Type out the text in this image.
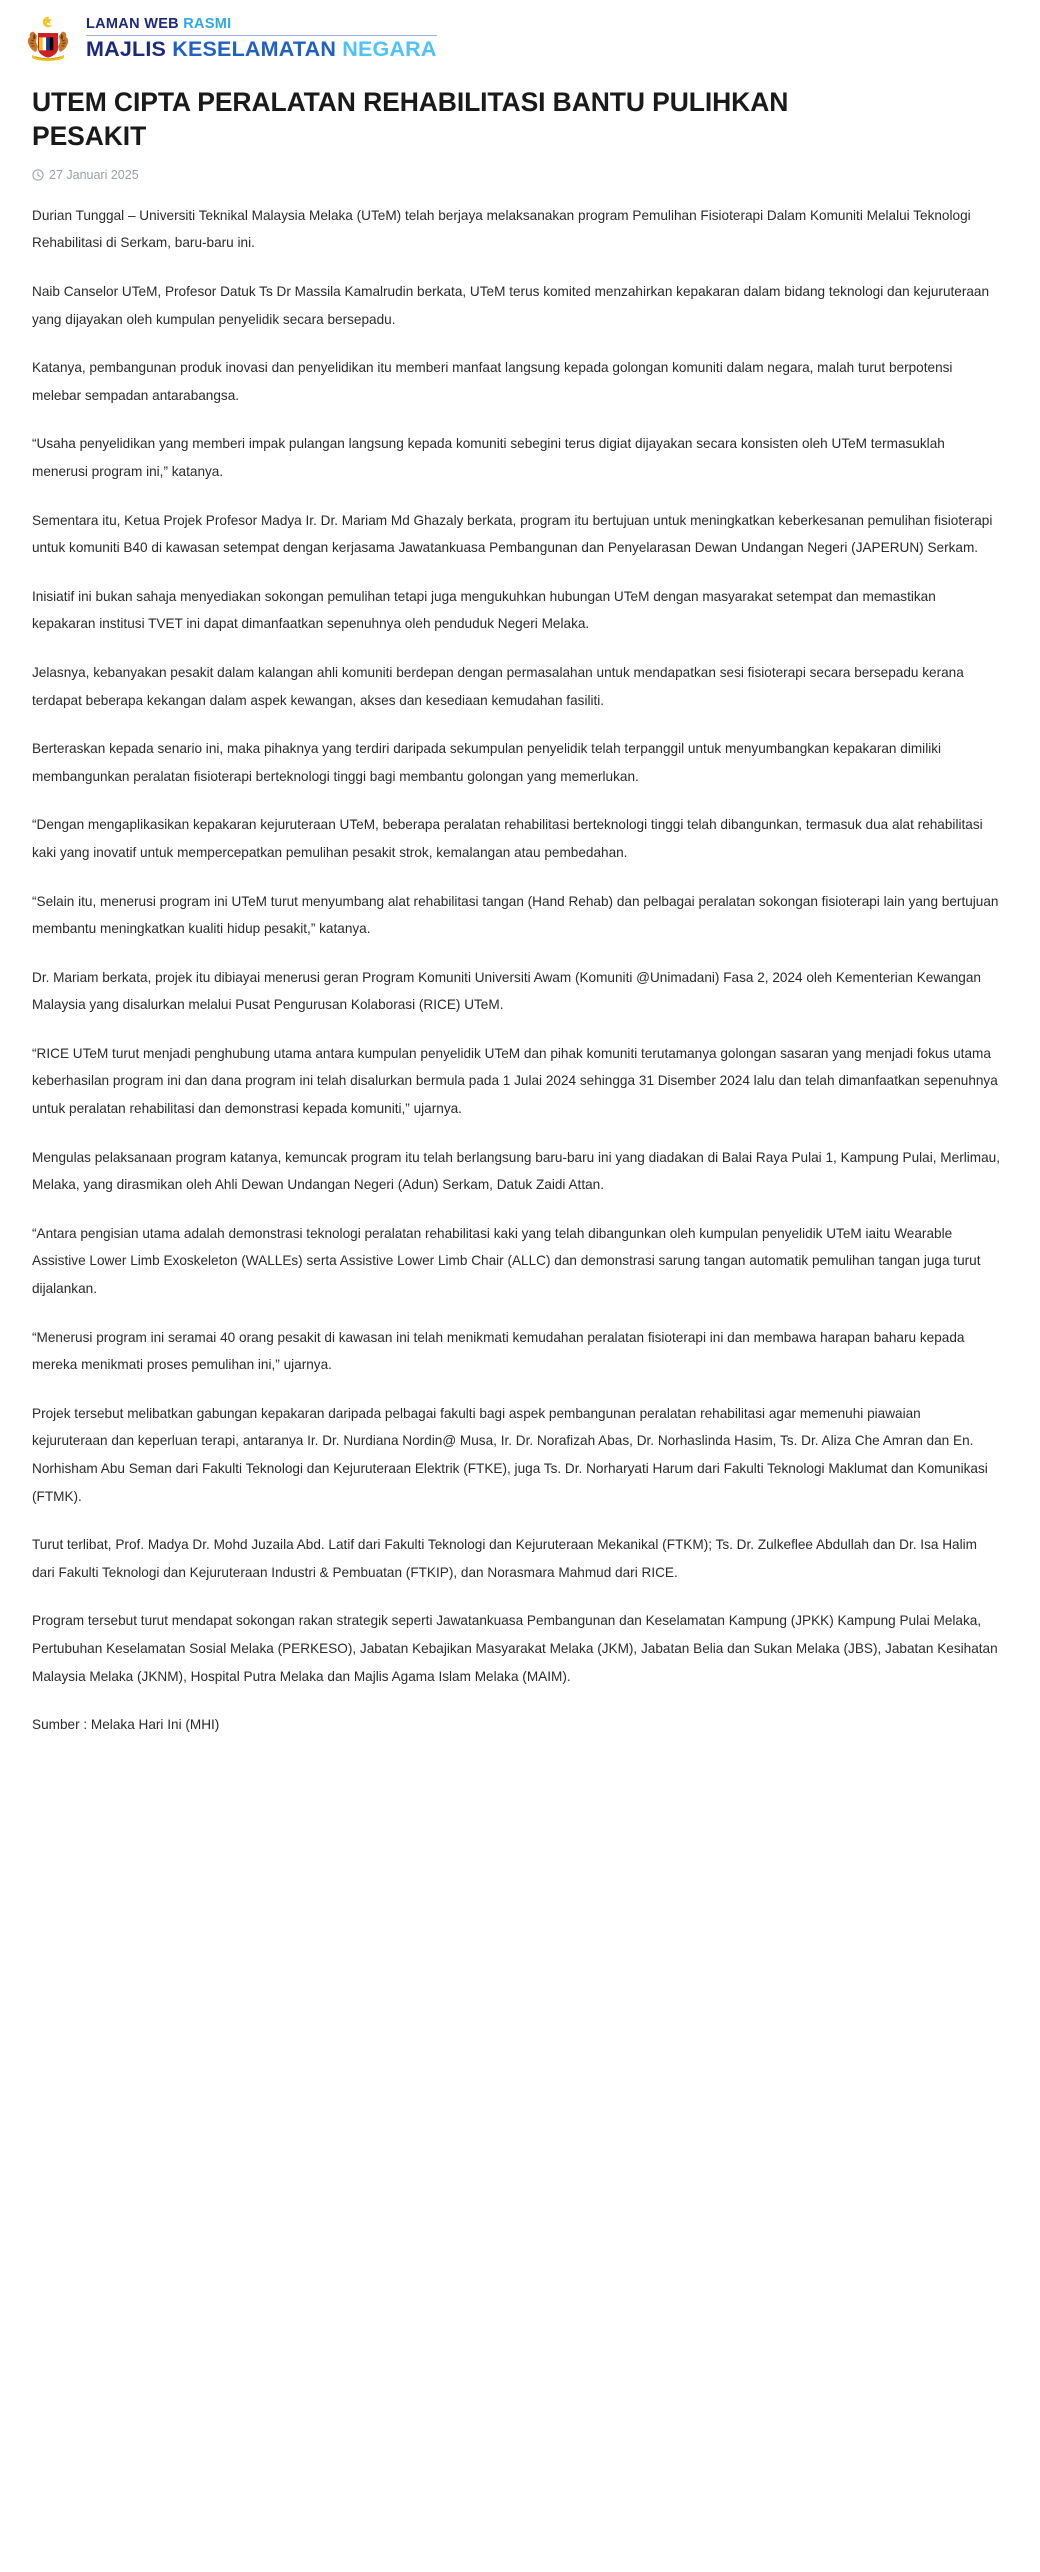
LAMAN WEB RASMI
MAJLIS KESELAMATAN NEGARA
UTEM CIPTA PERALATAN REHABILITASI BANTU PULIHKAN PESAKIT
27 Januari 2025

Durian Tunggal – Universiti Teknikal Malaysia Melaka (UTeM) telah berjaya melaksanakan program Pemulihan Fisioterapi Dalam Komuniti Melalui Teknologi Rehabilitasi di Serkam, baru-baru ini.

Naib Canselor UTeM, Profesor Datuk Ts Dr Massila Kamalrudin berkata, UTeM terus komited menzahirkan kepakaran dalam bidang teknologi dan kejuruteraan yang dijayakan oleh kumpulan penyelidik secara bersepadu.

Katanya, pembangunan produk inovasi dan penyelidikan itu memberi manfaat langsung kepada golongan komuniti dalam negara, malah turut berpotensi melebar sempadan antarabangsa.

“Usaha penyelidikan yang memberi impak pulangan langsung kepada komuniti sebegini terus digiat dijayakan secara konsisten oleh UTeM termasuklah menerusi program ini,” katanya.

Sementara itu, Ketua Projek Profesor Madya Ir. Dr. Mariam Md Ghazaly berkata, program itu bertujuan untuk meningkatkan keberkesanan pemulihan fisioterapi untuk komuniti B40 di kawasan setempat dengan kerjasama Jawatankuasa Pembangunan dan Penyelarasan Dewan Undangan Negeri (JAPERUN) Serkam.

Inisiatif ini bukan sahaja menyediakan sokongan pemulihan tetapi juga mengukuhkan hubungan UTeM dengan masyarakat setempat dan memastikan kepakaran institusi TVET ini dapat dimanfaatkan sepenuhnya oleh penduduk Negeri Melaka.

Jelasnya, kebanyakan pesakit dalam kalangan ahli komuniti berdepan dengan permasalahan untuk mendapatkan sesi fisioterapi secara bersepadu kerana terdapat beberapa kekangan dalam aspek kewangan, akses dan kesediaan kemudahan fasiliti.

Berteraskan kepada senario ini, maka pihaknya yang terdiri daripada sekumpulan penyelidik telah terpanggil untuk menyumbangkan kepakaran dimiliki membangunkan peralatan fisioterapi berteknologi tinggi bagi membantu golongan yang memerlukan.

“Dengan mengaplikasikan kepakaran kejuruteraan UTeM, beberapa peralatan rehabilitasi berteknologi tinggi telah dibangunkan, termasuk dua alat rehabilitasi kaki yang inovatif untuk mempercepatkan pemulihan pesakit strok, kemalangan atau pembedahan.

“Selain itu, menerusi program ini UTeM turut menyumbang alat rehabilitasi tangan (Hand Rehab) dan pelbagai peralatan sokongan fisioterapi lain yang bertujuan membantu meningkatkan kualiti hidup pesakit,” katanya.

Dr. Mariam berkata, projek itu dibiayai menerusi geran Program Komuniti Universiti Awam (Komuniti @Unimadani) Fasa 2, 2024 oleh Kementerian Kewangan Malaysia yang disalurkan melalui Pusat Pengurusan Kolaborasi (RICE) UTeM.

“RICE UTeM turut menjadi penghubung utama antara kumpulan penyelidik UTeM dan pihak komuniti terutamanya golongan sasaran yang menjadi fokus utama keberhasilan program ini dan dana program ini telah disalurkan bermula pada 1 Julai 2024 sehingga 31 Disember 2024 lalu dan telah dimanfaatkan sepenuhnya untuk peralatan rehabilitasi dan demonstrasi kepada komuniti,” ujarnya.

Mengulas pelaksanaan program katanya, kemuncak program itu telah berlangsung baru-baru ini yang diadakan di Balai Raya Pulai 1, Kampung Pulai, Merlimau, Melaka, yang dirasmikan oleh Ahli Dewan Undangan Negeri (Adun) Serkam, Datuk Zaidi Attan.

“Antara pengisian utama adalah demonstrasi teknologi peralatan rehabilitasi kaki yang telah dibangunkan oleh kumpulan penyelidik UTeM iaitu Wearable Assistive Lower Limb Exoskeleton (WALLEs) serta Assistive Lower Limb Chair (ALLC) dan demonstrasi sarung tangan automatik pemulihan tangan juga turut dijalankan.

“Menerusi program ini seramai 40 orang pesakit di kawasan ini telah menikmati kemudahan peralatan fisioterapi ini dan membawa harapan baharu kepada mereka menikmati proses pemulihan ini,” ujarnya.

Projek tersebut melibatkan gabungan kepakaran daripada pelbagai fakulti bagi aspek pembangunan peralatan rehabilitasi agar memenuhi piawaian kejuruteraan dan keperluan terapi, antaranya Ir. Dr. Nurdiana Nordin@ Musa, Ir. Dr. Norafizah Abas, Dr. Norhaslinda Hasim, Ts. Dr. Aliza Che Amran dan En. Norhisham Abu Seman dari Fakulti Teknologi dan Kejuruteraan Elektrik (FTKE), juga Ts. Dr. Norharyati Harum dari Fakulti Teknologi Maklumat dan Komunikasi (FTMK).

Turut terlibat, Prof. Madya Dr. Mohd Juzaila Abd. Latif dari Fakulti Teknologi dan Kejuruteraan Mekanikal (FTKM); Ts. Dr. Zulkeflee Abdullah dan Dr. Isa Halim dari Fakulti Teknologi dan Kejuruteraan Industri & Pembuatan (FTKIP), dan Norasmara Mahmud dari RICE.

Program tersebut turut mendapat sokongan rakan strategik seperti Jawatankuasa Pembangunan dan Keselamatan Kampung (JPKK) Kampung Pulai Melaka, Pertubuhan Keselamatan Sosial Melaka (PERKESO), Jabatan Kebajikan Masyarakat Melaka (JKM), Jabatan Belia dan Sukan Melaka (JBS), Jabatan Kesihatan Malaysia Melaka (JKNM), Hospital Putra Melaka dan Majlis Agama Islam Melaka (MAIM).

Sumber : Melaka Hari Ini (MHI)
